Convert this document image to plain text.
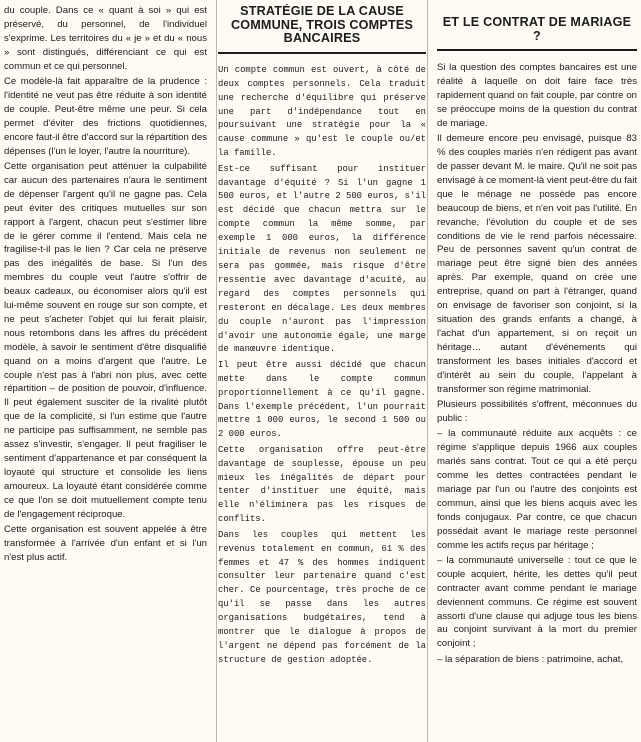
du couple. Dans ce « quant à soi » qui est préservé, du personnel, de l'individuel s'exprime. Les territoires du « je » et du « nous » sont distingués, différenciant ce qui est commun et ce qui personnel.

Ce modèle-là fait apparaître de la prudence : l'identité ne veut pas être réduite à son identité de couple. Peut-être même une peur. Si cela permet d'éviter des frictions quotidiennes, encore faut-il être d'accord sur la répartition des dépenses (l'un le loyer, l'autre la nourriture).

Cette organisation peut atténuer la culpabilité car aucun des partenaires n'aura le sentiment de dépenser l'argent qu'il ne gagne pas. Cela peut éviter des critiques mutuelles sur son rapport à l'argent, chacun peut s'estimer libre de le gérer comme il l'entend. Mais cela ne fragilise-t-il pas le lien ? Car cela ne préserve pas des inégalités de base. Si l'un des membres du couple veut l'autre s'offrir de beaux cadeaux, ou économiser alors qu'il est lui-même souvent en rouge sur son compte, et ne peut s'acheter l'objet qui lui ferait plaisir, nous retombons dans les affres du précédent modèle, à savoir le sentiment d'être disqualifié quand on a moins d'argent que l'autre. Le couple n'est pas à l'abri non plus, avec cette répartition – de position de pouvoir, d'influence. Il peut également susciter de la rivalité plutôt que de la complicité, si l'un estime que l'autre ne participe pas suffisamment, ne semble pas assez s'investir, s'engager. Il peut fragiliser le sentiment d'appartenance et par conséquent la loyauté qui structure et consolide les liens amoureux. La loyauté étant considérée comme ce que l'on se doit mutuellement compte tenu de l'engagement réciproque.

Cette organisation est souvent appelée à être transformée à l'arrivée d'un enfant et si l'un n'est plus actif.

STRATÉGIE DE LA CAUSE COMMUNE, TROIS COMPTES BANCAIRES

Un compte commun est ouvert, à côté de deux comptes personnels. Cela traduit une recherche d'équilibre qui préserve une part d'indépendance tout en poursuivant une stratégie pour la « cause commune » qu'est le couple ou/et la famille.

Est-ce suffisant pour instituer davantage d'équité ? Si l'un gagne 1 500 euros, et l'autre 2 500 euros, s'il est décidé que chacun mettra sur le compte commun la même somme, par exemple 1 000 euros, la différence initiale de revenus non seulement ne sera pas gommée, mais risque d'être ressentie avec davantage d'acuité, au regard des comptes personnels qui resteront en décalage. Les deux membres du couple n'auront pas l'impression d'avoir une autonomie égale, une marge de manœuvre identique.

Il peut être aussi décidé que chacun mette dans le compte commun proportionnellement à ce qu'il gagne. Dans l'exemple précédent, l'un pourrait mettre 1 000 euros, le second 1 500 ou 2 000 euros.

Cette organisation offre peut-être davantage de souplesse, épouse un peu mieux les inégalités de départ pour tenter d'instituer une équité, mais elle n'éliminera pas les risques de conflits.

Dans les couples qui mettent les revenus totalement en commun, 61 % des femmes et 47 % des hommes indiquent consulter leur partenaire quand c'est cher. Ce pourcentage, très proche de ce qu'il se passe dans les autres organisations budgétaires, tend à montrer que le dialogue à propos de l'argent ne dépend pas forcément de la structure de gestion adoptée.

ET LE CONTRAT DE MARIAGE ?

Si la question des comptes bancaires est une réalité à laquelle on doit faire face très rapidement quand on fait couple, par contre on se préoccupe moins de la question du contrat de mariage.

Il demeure encore peu envisagé, puisque 83 % des couples mariés n'en rédigent pas avant de passer devant M. le maire. Qu'il ne soit pas envisagé à ce moment-là vient peut-être du fait que le ménage ne possède pas encore beaucoup de biens, et n'en voit pas l'utilité. En revanche, l'évolution du couple et de ses conditions de vie le rend parfois nécessaire. Peu de personnes savent qu'un contrat de mariage peut être signé bien des années après. Par exemple, quand on crée une entreprise, quand on part à l'étranger, quand on envisage de favoriser son conjoint, si la situation des grands enfants a changé, à l'achat d'un appartement, si on reçoit un héritage… autant d'événements qui transforment les bases initiales d'accord et d'intérêt au sein du couple, l'appelant à transformer son régime matrimonial.

Plusieurs possibilités s'offrent, méconnues du public :

– la communauté réduite aux acquêts : ce régime s'applique depuis 1966 aux couples mariés sans contrat. Tout ce qui a été perçu comme les dettes contractées pendant le mariage par l'un ou l'autre des conjoints est commun, ainsi que les biens acquis avec les fonds conjugaux. Par contre, ce que chacun possédait avant le mariage reste personnel comme les actifs reçus par héritage ;

– la communauté universelle : tout ce que le couple acquiert, hérite, les dettes qu'il peut contracter avant comme pendant le mariage deviennent communs. Ce régime est souvent assorti d'une clause qui adjuge tous les biens au conjoint survivant à la mort du premier conjoint ;

– la séparation de biens : patrimoine, achat,
